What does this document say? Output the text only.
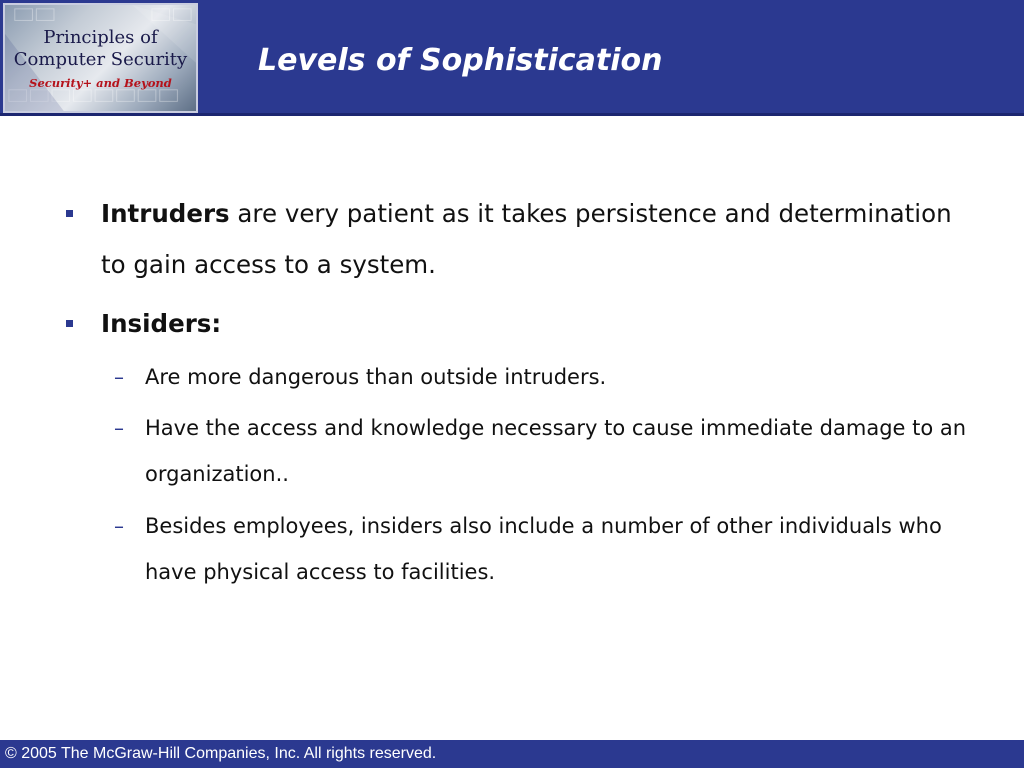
Principles of
Computer Security
Security+ and Beyond
Levels of Sophistication
Intruders are very patient as it takes persistence and determination to gain access to a system.
Insiders:
– Are more dangerous than outside intruders.
– Have the access and knowledge necessary to cause immediate damage to an organization..
– Besides employees, insiders also include a number of other individuals who have physical access to facilities.
© 2005 The McGraw-Hill Companies, Inc. All rights reserved.
